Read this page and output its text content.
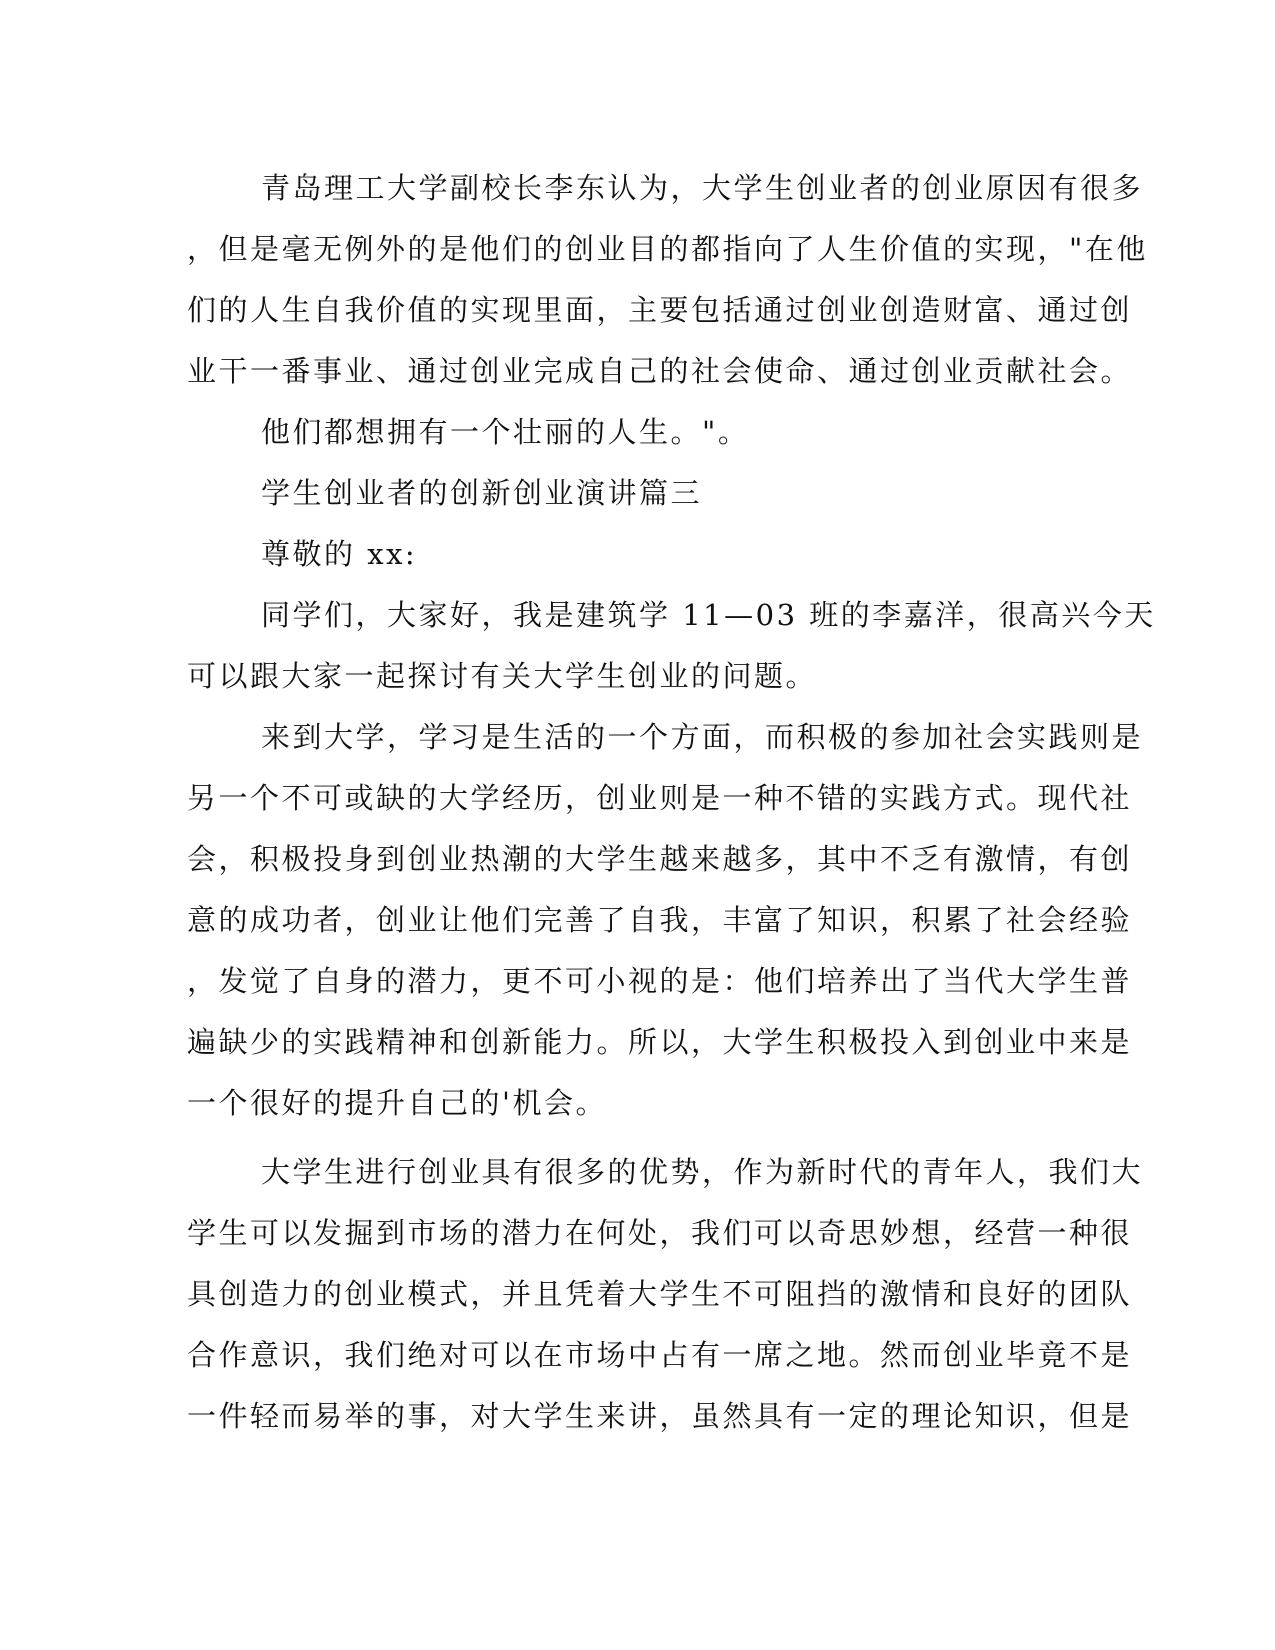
青岛理工大学副校长李东认为，大学生创业者的创业原因有很多
，但是毫无例外的是他们的创业目的都指向了人生价值的实现，"在他
们的人生自我价值的实现里面，主要包括通过创业创造财富、通过创
业干一番事业、通过创业完成自己的社会使命、通过创业贡献社会。
他们都想拥有一个壮丽的人生。"。
学生创业者的创新创业演讲篇三
尊敬的 xx:
同学们，大家好，我是建筑学 11—03 班的李嘉洋，很高兴今天
可以跟大家一起探讨有关大学生创业的问题。
来到大学，学习是生活的一个方面，而积极的参加社会实践则是
另一个不可或缺的大学经历，创业则是一种不错的实践方式。现代社
会，积极投身到创业热潮的大学生越来越多，其中不乏有激情，有创
意的成功者，创业让他们完善了自我，丰富了知识，积累了社会经验
，发觉了自身的潜力，更不可小视的是：他们培养出了当代大学生普
遍缺少的实践精神和创新能力。所以，大学生积极投入到创业中来是
一个很好的提升自己的'机会。
大学生进行创业具有很多的优势，作为新时代的青年人，我们大
学生可以发掘到市场的潜力在何处，我们可以奇思妙想，经营一种很
具创造力的创业模式，并且凭着大学生不可阻挡的激情和良好的团队
合作意识，我们绝对可以在市场中占有一席之地。然而创业毕竟不是
一件轻而易举的事，对大学生来讲，虽然具有一定的理论知识，但是
